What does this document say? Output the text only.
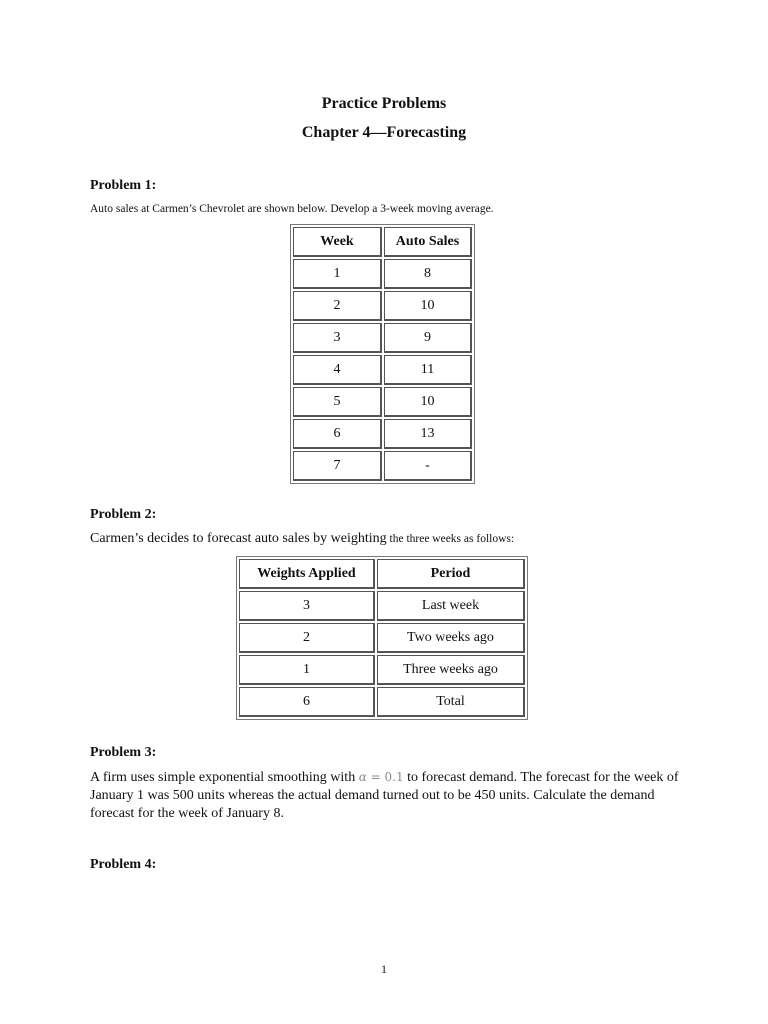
Practice Problems
Chapter 4—Forecasting
Problem 1:
Auto sales at Carmen’s Chevrolet are shown below. Develop a 3-week moving average.
Week	Auto Sales
1	8
2	10
3	9
4	11
5	10
6	13
7	-
Problem 2:
Carmen’s decides to forecast auto sales by weighting the three weeks as follows:
Weights Applied	Period
3	Last week
2	Two weeks ago
1	Three weeks ago
6	Total
Problem 3:
A firm uses simple exponential smoothing with α = 0.1 to forecast demand. The forecast for the week of January 1 was 500 units whereas the actual demand turned out to be 450 units. Calculate the demand forecast for the week of January 8.
Problem 4:
1
